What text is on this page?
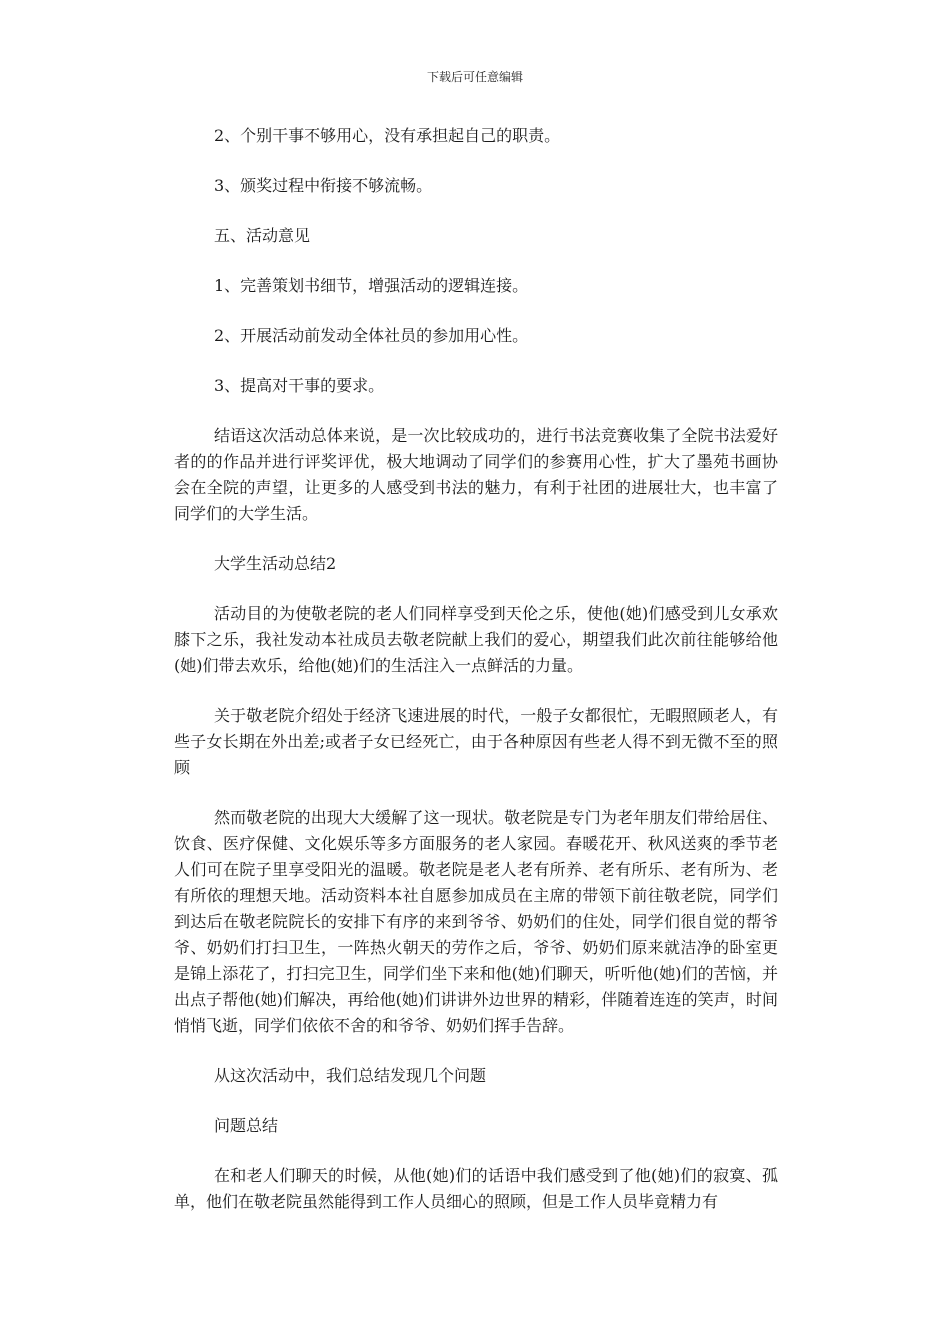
下载后可任意编辑

2、个别干事不够用心，没有承担起自己的职责。

3、颁奖过程中衔接不够流畅。

五、活动意见

1、完善策划书细节，增强活动的逻辑连接。

2、开展活动前发动全体社员的参加用心性。

3、提高对干事的要求。

结语这次活动总体来说，是一次比较成功的，进行书法竞赛收集了全院书法爱好者的的作品并进行评奖评优，极大地调动了同学们的参赛用心性，扩大了墨苑书画协会在全院的声望，让更多的人感受到书法的魅力，有利于社团的进展壮大，也丰富了同学们的大学生活。

大学生活动总结2

活动目的为使敬老院的老人们同样享受到天伦之乐，使他(她)们感受到儿女承欢膝下之乐，我社发动本社成员去敬老院献上我们的爱心，期望我们此次前往能够给他(她)们带去欢乐，给他(她)们的生活注入一点鲜活的力量。

关于敬老院介绍处于经济飞速进展的时代，一般子女都很忙，无暇照顾老人，有些子女长期在外出差;或者子女已经死亡，由于各种原因有些老人得不到无微不至的照顾

然而敬老院的出现大大缓解了这一现状。敬老院是专门为老年朋友们带给居住、饮食、医疗保健、文化娱乐等多方面服务的老人家园。春暖花开、秋风送爽的季节老人们可在院子里享受阳光的温暖。敬老院是老人老有所养、老有所乐、老有所为、老有所依的理想天地。活动资料本社自愿参加成员在主席的带领下前往敬老院，同学们到达后在敬老院院长的安排下有序的来到爷爷、奶奶们的住处，同学们很自觉的帮爷爷、奶奶们打扫卫生，一阵热火朝天的劳作之后，爷爷、奶奶们原来就洁净的卧室更是锦上添花了，打扫完卫生，同学们坐下来和他(她)们聊天，听听他(她)们的苦恼，并出点子帮他(她)们解决，再给他(她)们讲讲外边世界的精彩，伴随着连连的笑声，时间悄悄飞逝，同学们依依不舍的和爷爷、奶奶们挥手告辞。

从这次活动中，我们总结发现几个问题

问题总结

在和老人们聊天的时候，从他(她)们的话语中我们感受到了他(她)们的寂寞、孤单，他们在敬老院虽然能得到工作人员细心的照顾，但是工作人员毕竟精力有
